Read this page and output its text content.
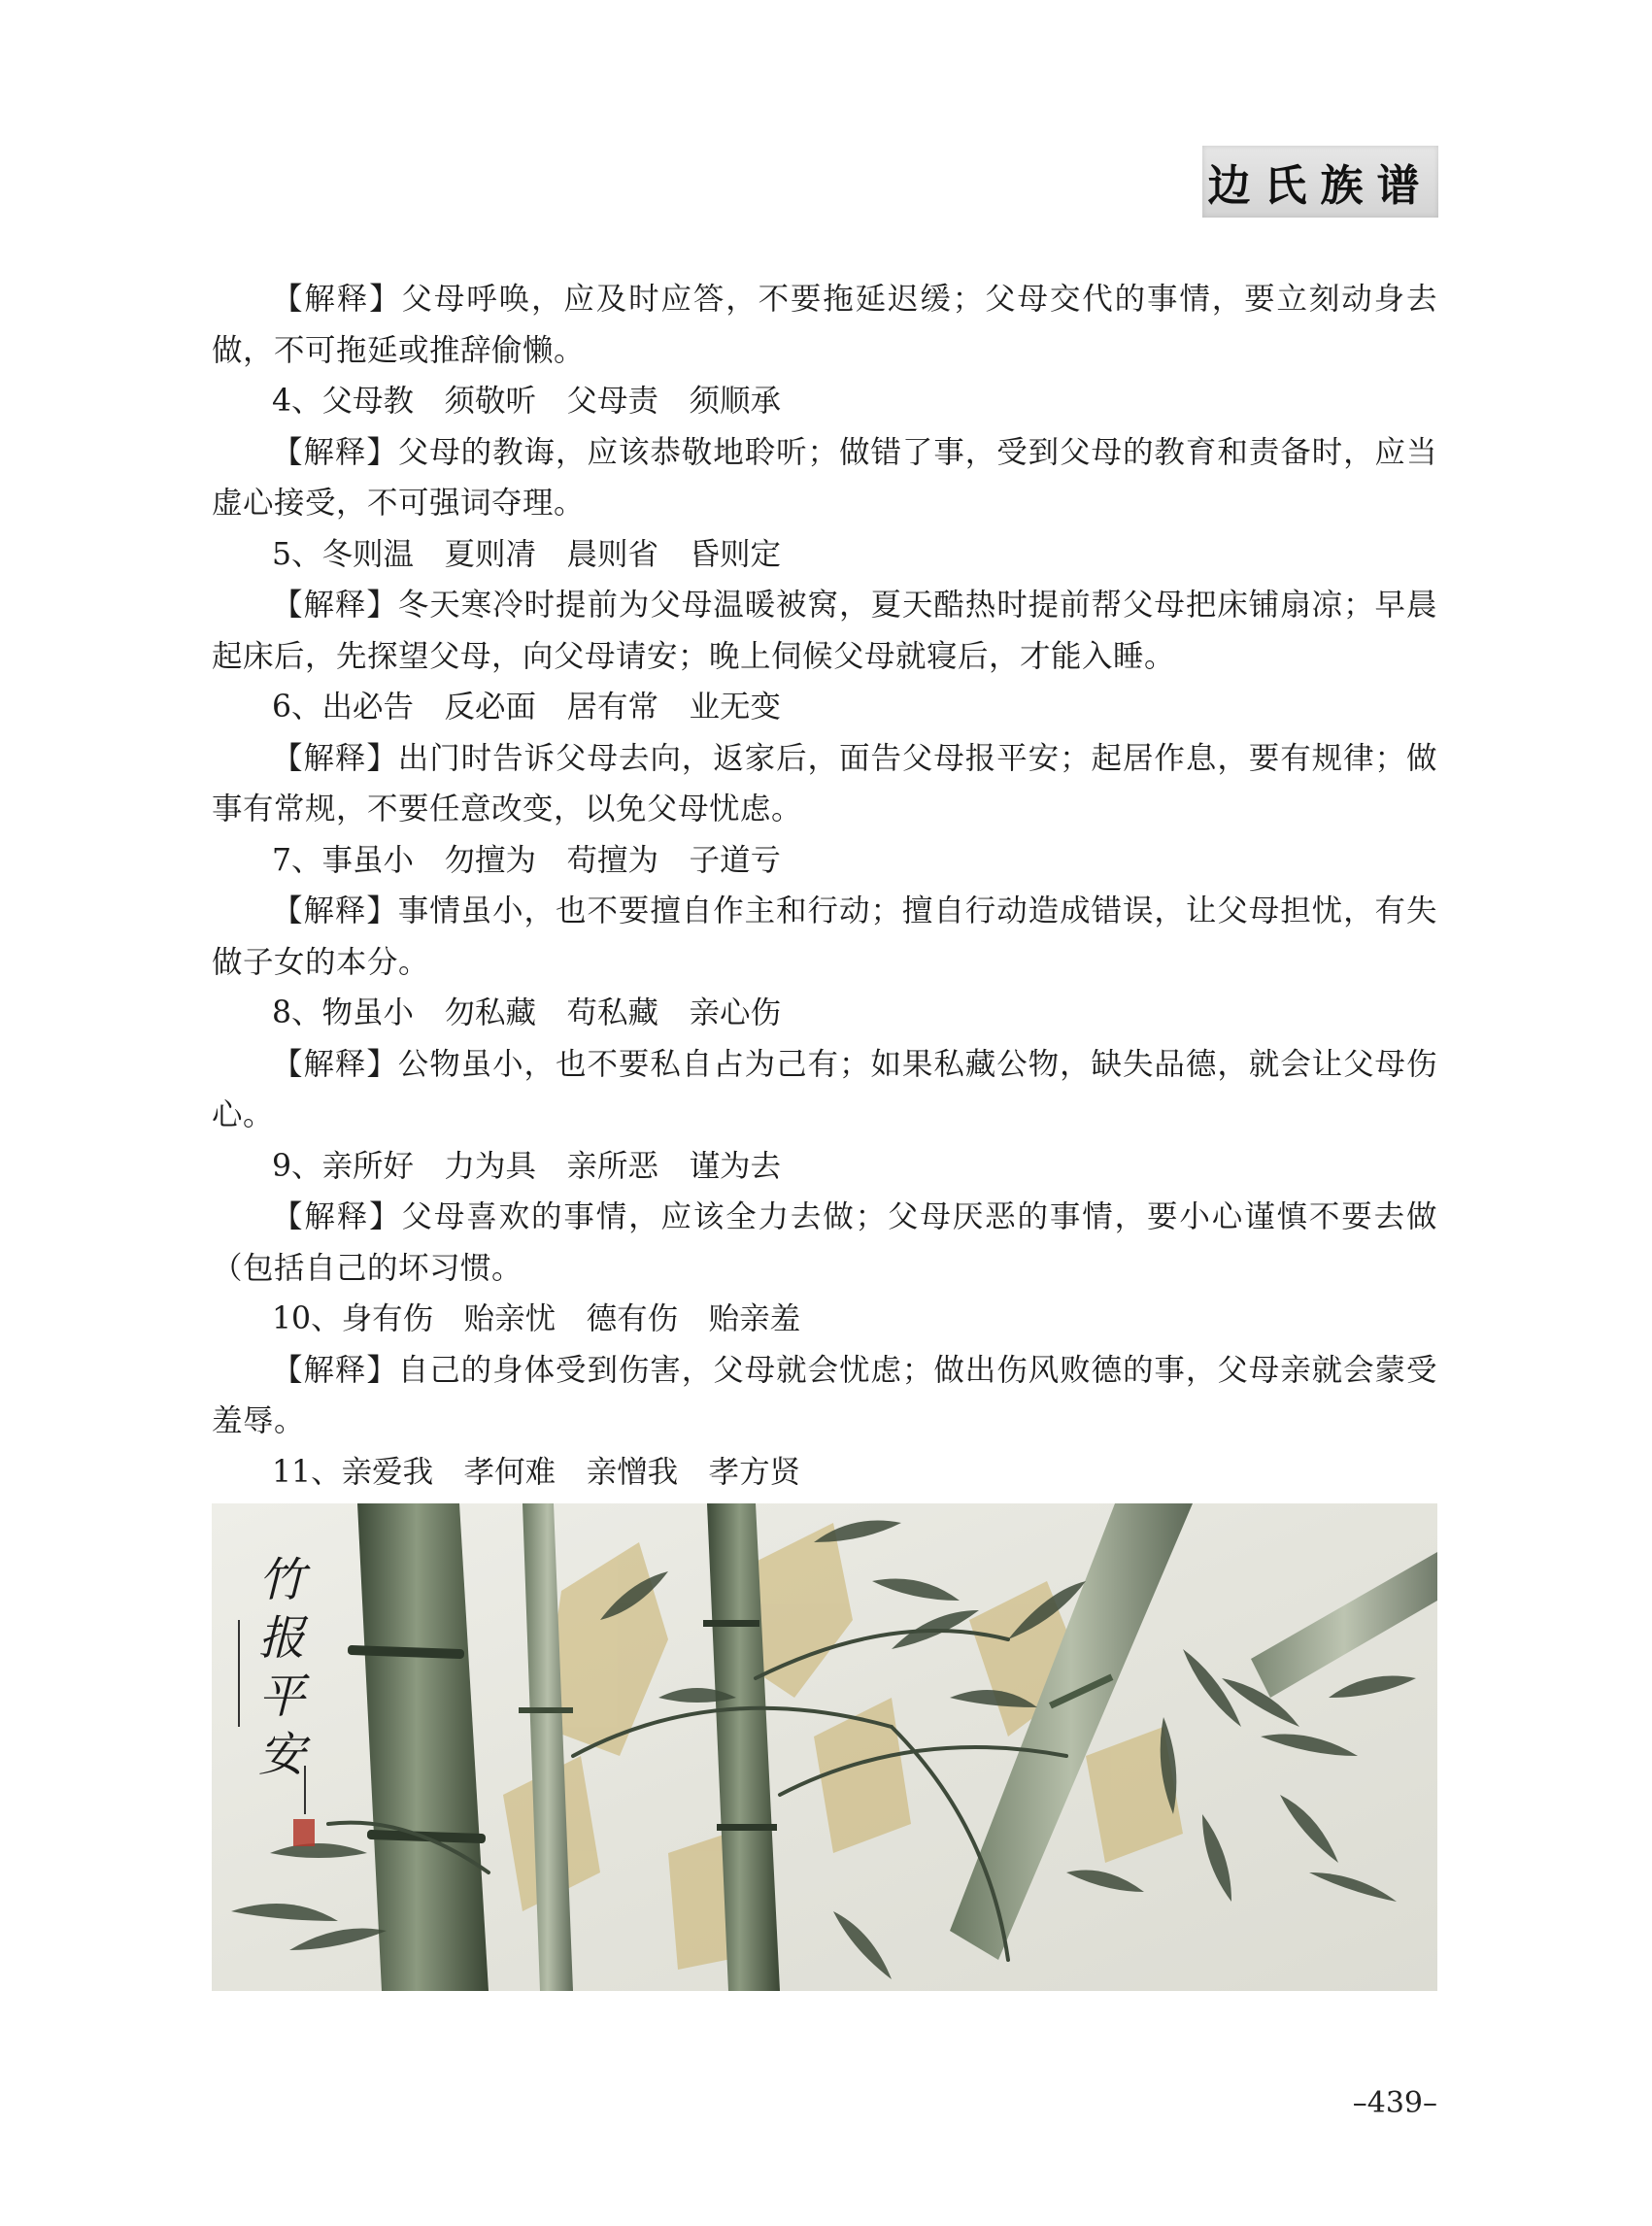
边氏族谱

【解释】父母呼唤，应及时应答，不要拖延迟缓；父母交代的事情，要立刻动身去做，不可拖延或推辞偷懒。

4、父母教　须敬听　父母责　须顺承

【解释】父母的教诲，应该恭敬地聆听；做错了事，受到父母的教育和责备时，应当虚心接受，不可强词夺理。

5、冬则温　夏则凊　晨则省　昏则定

【解释】冬天寒冷时提前为父母温暖被窝，夏天酷热时提前帮父母把床铺扇凉；早晨起床后，先探望父母，向父母请安；晚上伺候父母就寝后，才能入睡。

6、出必告　反必面　居有常　业无变

【解释】出门时告诉父母去向，返家后，面告父母报平安；起居作息，要有规律；做事有常规，不要任意改变，以免父母忧虑。

7、事虽小　勿擅为　苟擅为　子道亏

【解释】事情虽小，也不要擅自作主和行动；擅自行动造成错误，让父母担忧，有失做子女的本分。

8、物虽小　勿私藏　苟私藏　亲心伤

【解释】公物虽小，也不要私自占为己有；如果私藏公物，缺失品德，就会让父母伤心。

9、亲所好　力为具　亲所恶　谨为去

【解释】父母喜欢的事情，应该全力去做；父母厌恶的事情，要小心谨慎不要去做（包括自己的坏习惯。

10、身有伤　贻亲忧　德有伤　贻亲羞

【解释】自己的身体受到伤害，父母就会忧虑；做出伤风败德的事，父母亲就会蒙受羞辱。

11、亲爱我　孝何难　亲憎我　孝方贤

竹
报
平
安
–439–
